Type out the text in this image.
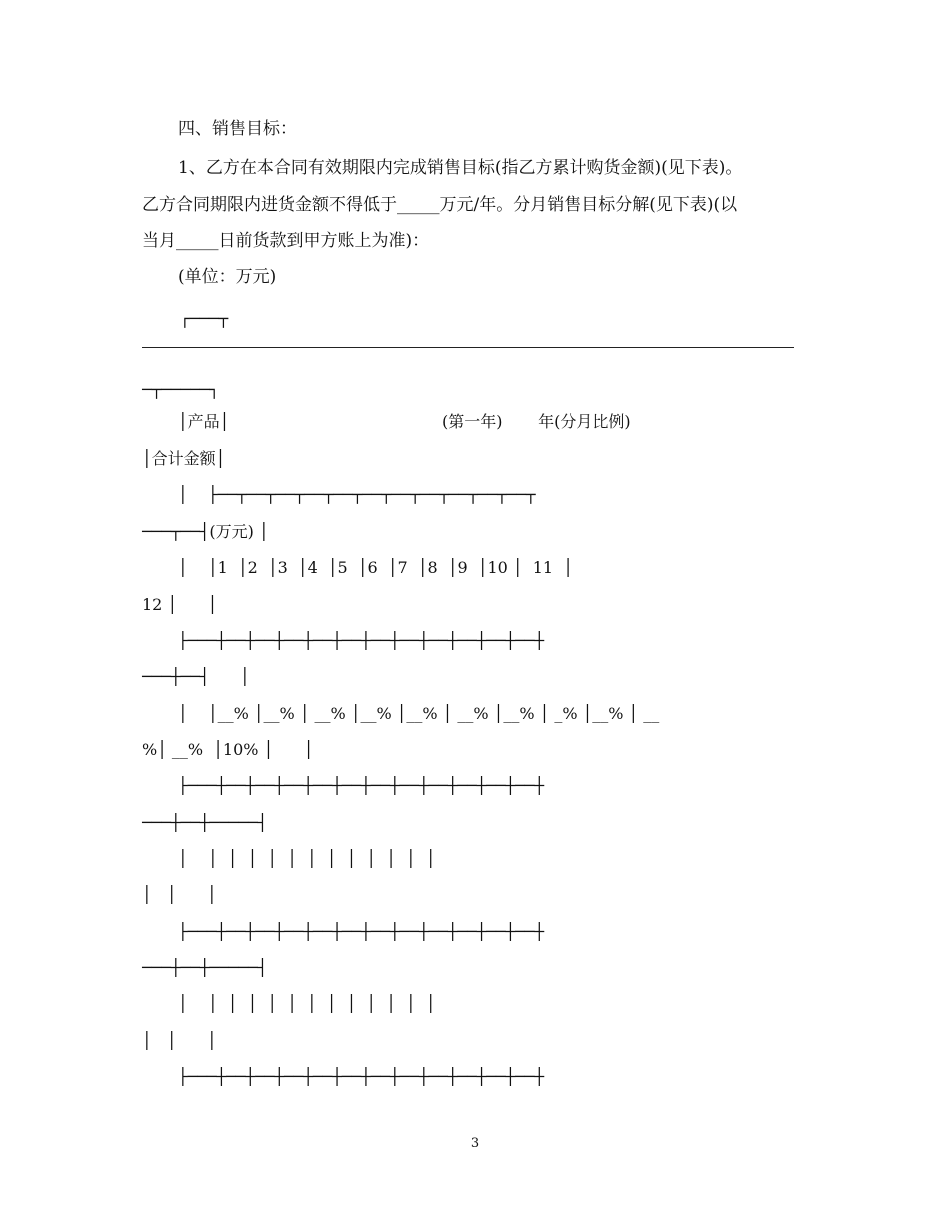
四、销售目标：
1、乙方在本合同有效期限内完成销售目标(指乙方累计购货金额)(见下表)。
乙方合同期限内进货金额不得低于_____万元/年。分月销售目标分解(见下表)(以
当月_____日前货款到甲方账上为准)：
(单位：万元)
┌───┬
─┬─────┐
│产品│	(第一年)       年(分月比例)
│合计金额│
│    ├──┬──┬──┬──┬──┬──┬──┬──┬──┬──┬──┬
───┬──┤(万元) │
│    │1  │2  │3  │4  │5  │6  │7  │8  │9  │10 │  11  │
12 │      │
├───┼──┼──┼──┼──┼──┼──┼──┼──┼──┼──┼──┼
───┼──┤      │
│    │__% │__% │ __% │__% │__% │ __% │__% │ _% │__% │ __
%│ __%  │10% │      │
├───┼──┼──┼──┼──┼──┼──┼──┼──┼──┼──┼──┼
───┼──┼─────┤
│    │  │  │  │  │  │  │  │  │  │  │  │
│   │      │
├───┼──┼──┼──┼──┼──┼──┼──┼──┼──┼──┼──┼
───┼──┼─────┤
│    │  │  │  │  │  │  │  │  │  │  │  │
│   │      │
├───┼──┼──┼──┼──┼──┼──┼──┼──┼──┼──┼──┼
3
